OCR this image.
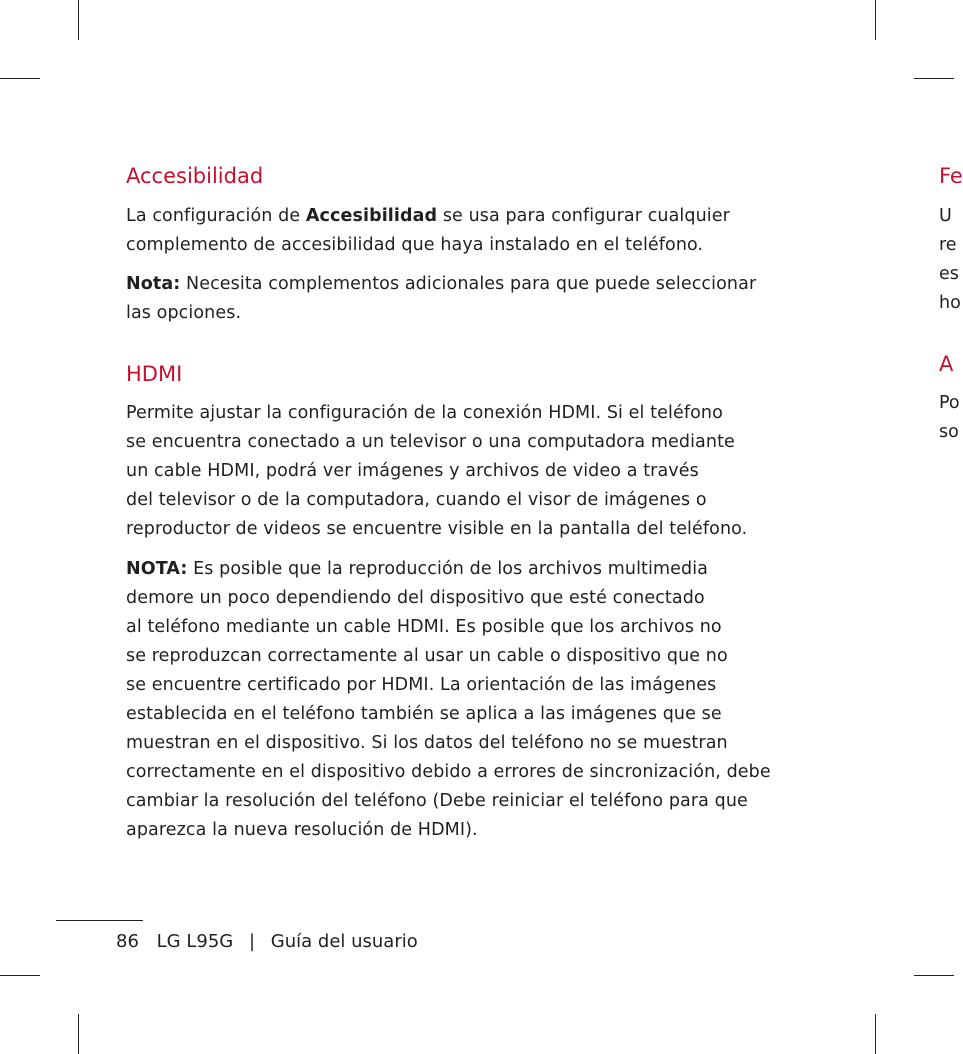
Accesibilidad

La configuración de Accesibilidad se usa para configurar cualquier
complemento de accesibilidad que haya instalado en el teléfono.

Nota: Necesita complementos adicionales para que puede seleccionar
las opciones.

HDMI

Permite ajustar la configuración de la conexión HDMI. Si el teléfono
se encuentra conectado a un televisor o una computadora mediante
un cable HDMI, podrá ver imágenes y archivos de video a través
del televisor o de la computadora, cuando el visor de imágenes o
reproductor de videos se encuentre visible en la pantalla del teléfono.

NOTA: Es posible que la reproducción de los archivos multimedia
demore un poco dependiendo del dispositivo que esté conectado
al teléfono mediante un cable HDMI. Es posible que los archivos no
se reproduzcan correctamente al usar un cable o dispositivo que no
se encuentre certificado por HDMI. La orientación de las imágenes
establecida en el teléfono también se aplica a las imágenes que se
muestran en el dispositivo. Si los datos del teléfono no se muestran
correctamente en el dispositivo debido a errores de sincronización, debe
cambiar la resolución del teléfono (Debe reiniciar el teléfono para que
aparezca la nueva resolución de HDMI).

Fe
U
re
es
ho
A
Po
so
86 LG L95G | Guía del usuario
